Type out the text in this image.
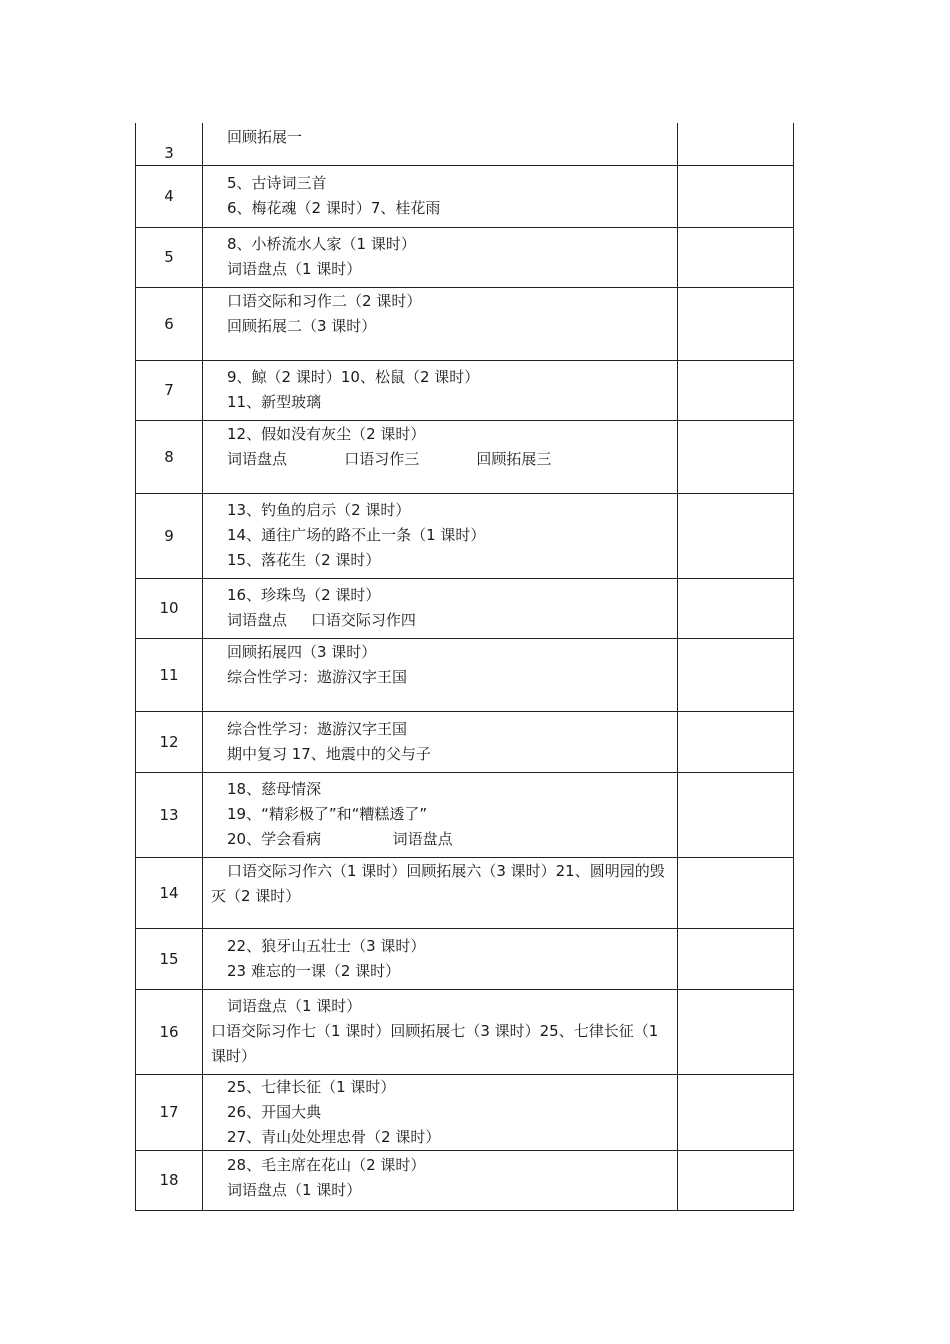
3	回顾拓展一	

4	5、古诗词三首
6、梅花魂（2 课时）7、桂花雨	

5	8、小桥流水人家（1 课时）
词语盘点（1 课时）	

6	口语交际和习作二（2 课时）
回顾拓展二（3 课时）	

7	9、鲸（2 课时）10、松鼠（2 课时）
11、新型玻璃	

8	12、假如没有灰尘（2 课时）
词语盘点            口语习作三            回顾拓展三	

9	13、钓鱼的启示（2 课时）
14、通往广场的路不止一条（1 课时）
15、落花生（2 课时）	

10	16、珍珠鸟（2 课时）
词语盘点     口语交际习作四	

11	回顾拓展四（3 课时）
综合性学习：遨游汉字王国	

12	综合性学习：遨游汉字王国
期中复习 17、地震中的父与子	

13	18、慈母情深
19、“精彩极了”和“糟糕透了”
20、学会看病               词语盘点	

14	口语交际习作六（1 课时）回顾拓展六（3 课时）21、圆明园的毁灭（2 课时）	

15	22、狼牙山五壮士（3 课时）
23 难忘的一课（2 课时）	

16	词语盘点（1 课时）
口语交际习作七（1 课时）回顾拓展七（3 课时）25、七律长征（1 课时）	

17	25、七律长征（1 课时）
26、开国大典
27、青山处处埋忠骨（2 课时）	

18	28、毛主席在花山（2 课时）
词语盘点（1 课时）	
